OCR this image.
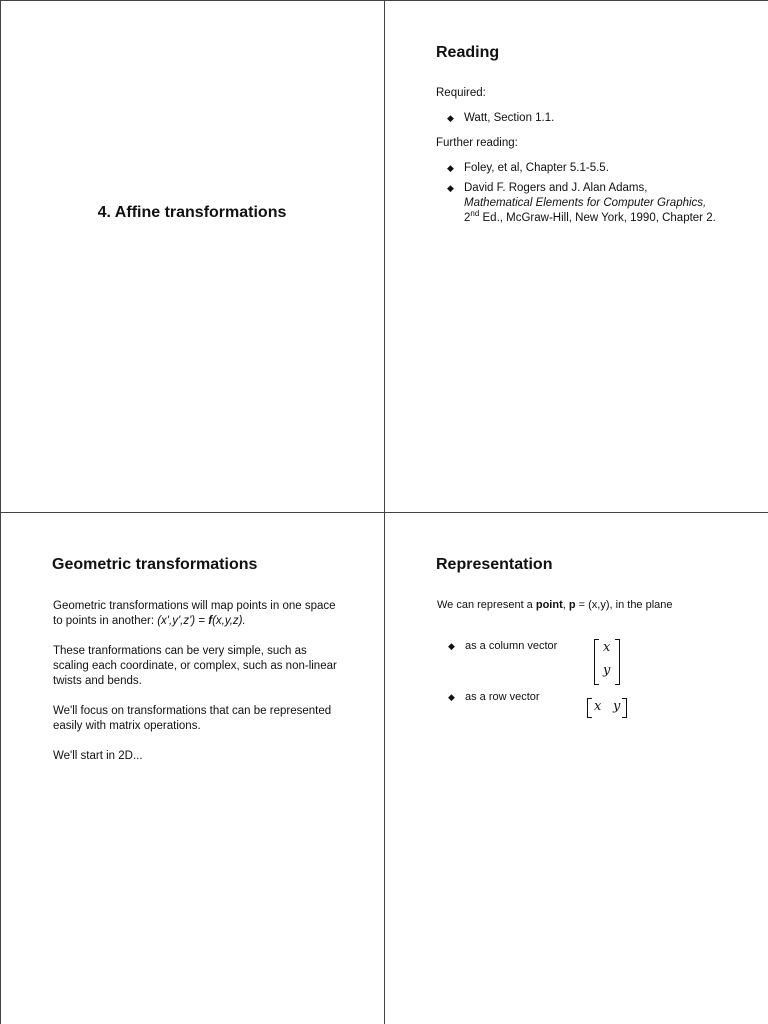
4. Affine transformations
Reading
Required:
◆ Watt, Section 1.1.
Further reading:
◆ Foley, et al, Chapter 5.1-5.5.
◆ David F. Rogers and J. Alan Adams,
Mathematical Elements for Computer Graphics,
2nd Ed., McGraw-Hill, New York, 1990, Chapter 2.
Geometric transformations

Geometric transformations will map points in one space to points in another: (x',y',z') = f(x,y,z).

These tranformations can be very simple, such as scaling each coordinate, or complex, such as non-linear twists and bends.

We'll focus on transformations that can be represented easily with matrix operations.

We'll start in 2D...

Representation
We can represent a point, p = (x,y), in the plane
◆ as a column vector	x
y
◆ as a row vector
x y
